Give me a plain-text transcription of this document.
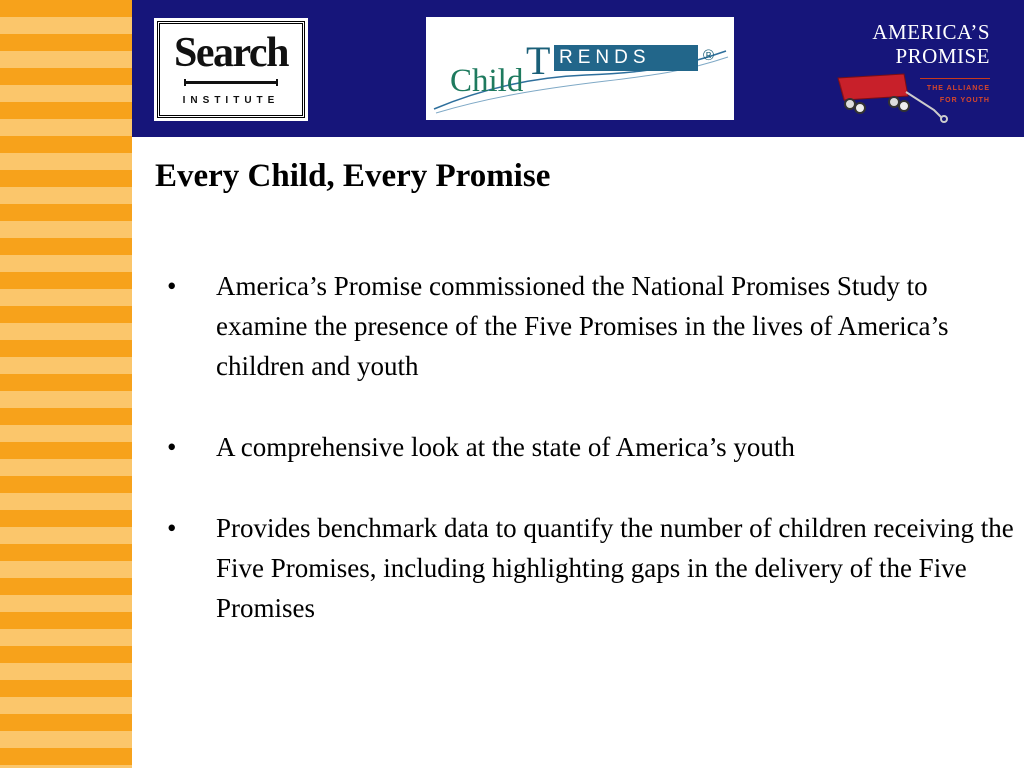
Search
INSTITUTE
Child T RENDS	®
AMERICA’S
PROMISE
THE ALLIANCE
FOR YOUTH
Every Child, Every Promise
• America’s Promise commissioned the National Promises Study to examine the presence of the Five Promises in the lives of America’s children and youth
• A comprehensive look at the state of America’s youth
• Provides benchmark data to quantify the number of children receiving the Five Promises, including highlighting gaps in the delivery of the Five Promises
